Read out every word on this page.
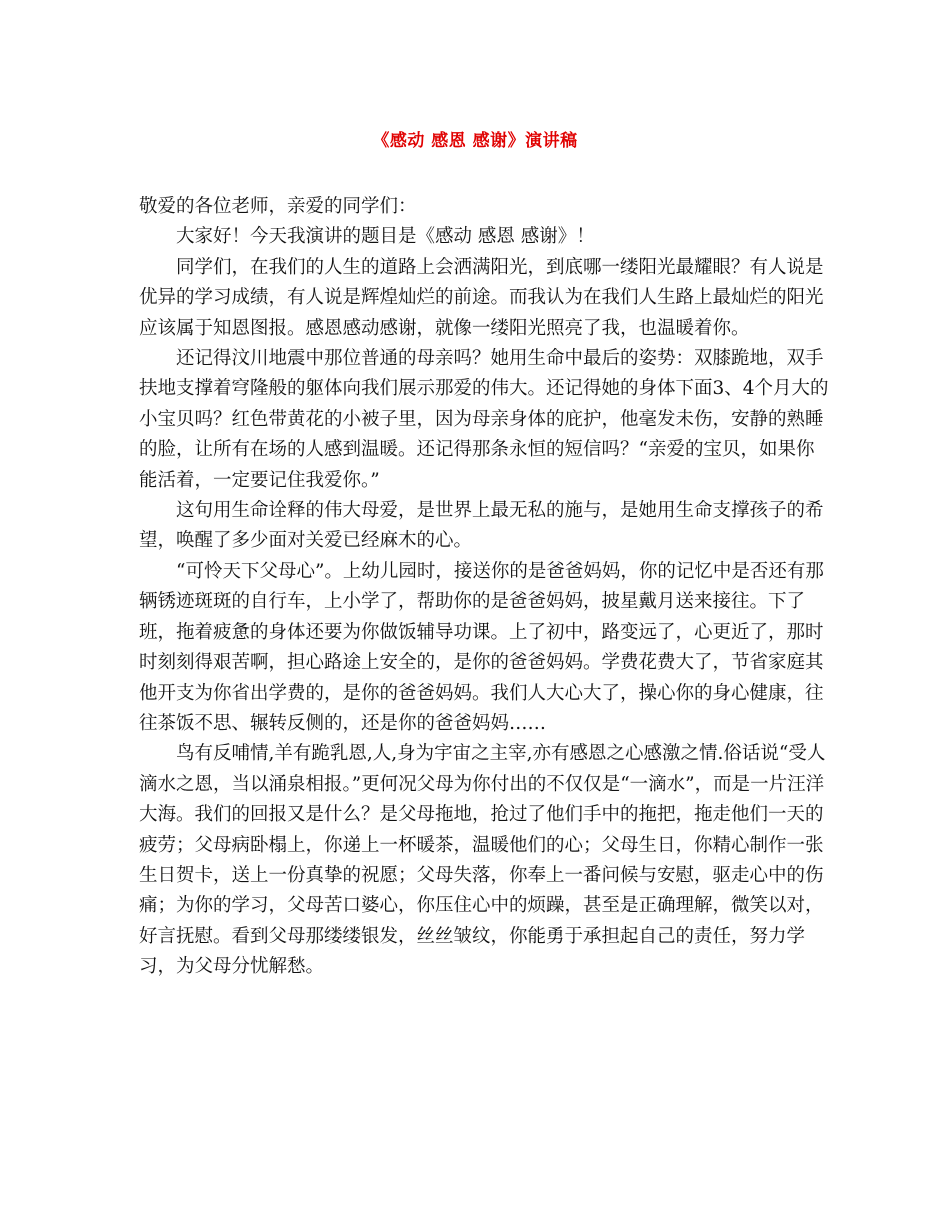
《感动 感恩 感谢》演讲稿

敬爱的各位老师，亲爱的同学们：

大家好！今天我演讲的题目是《感动 感恩 感谢》！

同学们，在我们的人生的道路上会洒满阳光，到底哪一缕阳光最耀眼？有人说是优异的学习成绩，有人说是辉煌灿烂的前途。而我认为在我们人生路上最灿烂的阳光应该属于知恩图报。感恩感动感谢，就像一缕阳光照亮了我，也温暖着你。

还记得汶川地震中那位普通的母亲吗？她用生命中最后的姿势：双膝跪地，双手扶地支撑着穹隆般的躯体向我们展示那爱的伟大。还记得她的身体下面3、4个月大的小宝贝吗？红色带黄花的小被子里，因为母亲身体的庇护，他毫发未伤，安静的熟睡的脸，让所有在场的人感到温暖。还记得那条永恒的短信吗？“亲爱的宝贝，如果你能活着，一定要记住我爱你。”

这句用生命诠释的伟大母爱，是世界上最无私的施与，是她用生命支撑孩子的希望，唤醒了多少面对关爱已经麻木的心。

“可怜天下父母心”。上幼儿园时，接送你的是爸爸妈妈，你的记忆中是否还有那辆锈迹斑斑的自行车，上小学了，帮助你的是爸爸妈妈，披星戴月送来接往。下了班，拖着疲惫的身体还要为你做饭辅导功课。上了初中，路变远了，心更近了，那时时刻刻得艰苦啊，担心路途上安全的，是你的爸爸妈妈。学费花费大了，节省家庭其他开支为你省出学费的，是你的爸爸妈妈。我们人大心大了，操心你的身心健康，往往茶饭不思、辗转反侧的，还是你的爸爸妈妈……

鸟有反哺情,羊有跪乳恩,人,身为宇宙之主宰,亦有感恩之心感激之情.俗话说“受人滴水之恩，当以涌泉相报。”更何况父母为你付出的不仅仅是“一滴水”，而是一片汪洋大海。我们的回报又是什么？是父母拖地，抢过了他们手中的拖把，拖走他们一天的疲劳；父母病卧榻上，你递上一杯暖茶，温暖他们的心；父母生日，你精心制作一张生日贺卡，送上一份真挚的祝愿；父母失落，你奉上一番问候与安慰，驱走心中的伤痛；为你的学习，父母苦口婆心，你压住心中的烦躁，甚至是正确理解，微笑以对，好言抚慰。看到父母那缕缕银发，丝丝皱纹，你能勇于承担起自己的责任，努力学习，为父母分忧解愁。
